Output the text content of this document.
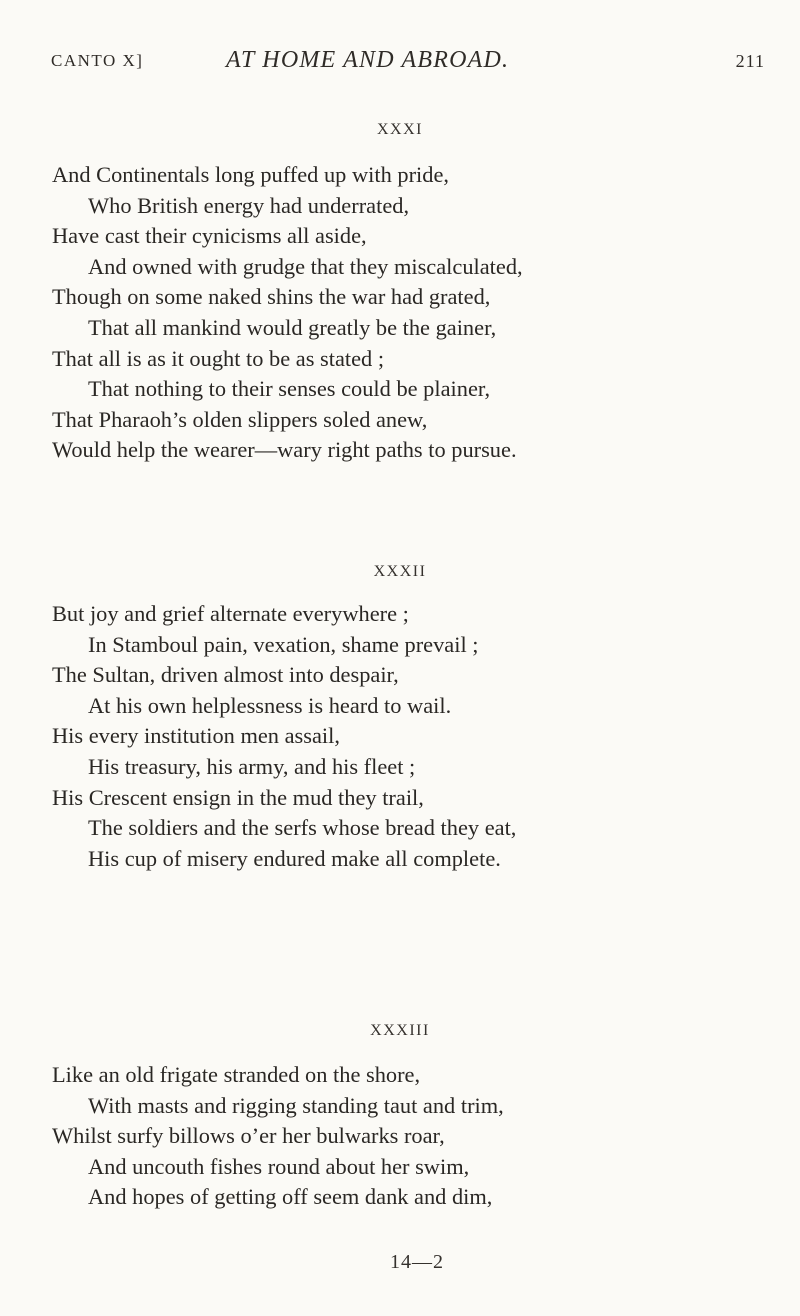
CANTO X]	AT HOME AND ABROAD.	211
XXXI
And Continentals long puffed up with pride,
Who British energy had underrated,
Have cast their cynicisms all aside,
And owned with grudge that they miscalculated,
Though on some naked shins the war had grated,
That all mankind would greatly be the gainer,
That all is as it ought to be as stated ;
That nothing to their senses could be plainer,
That Pharaoh’s olden slippers soled anew,
Would help the wearer—wary right paths to pursue.
XXXII
But joy and grief alternate everywhere ;
In Stamboul pain, vexation, shame prevail ;
The Sultan, driven almost into despair,
At his own helplessness is heard to wail.
His every institution men assail,
His treasury, his army, and his fleet ;
His Crescent ensign in the mud they trail,
The soldiers and the serfs whose bread they eat,
His cup of misery endured make all complete.
XXXIII
Like an old frigate stranded on the shore,
With masts and rigging standing taut and trim,
Whilst surfy billows o’er her bulwarks roar,
And uncouth fishes round about her swim,
And hopes of getting off seem dank and dim,
14—2
